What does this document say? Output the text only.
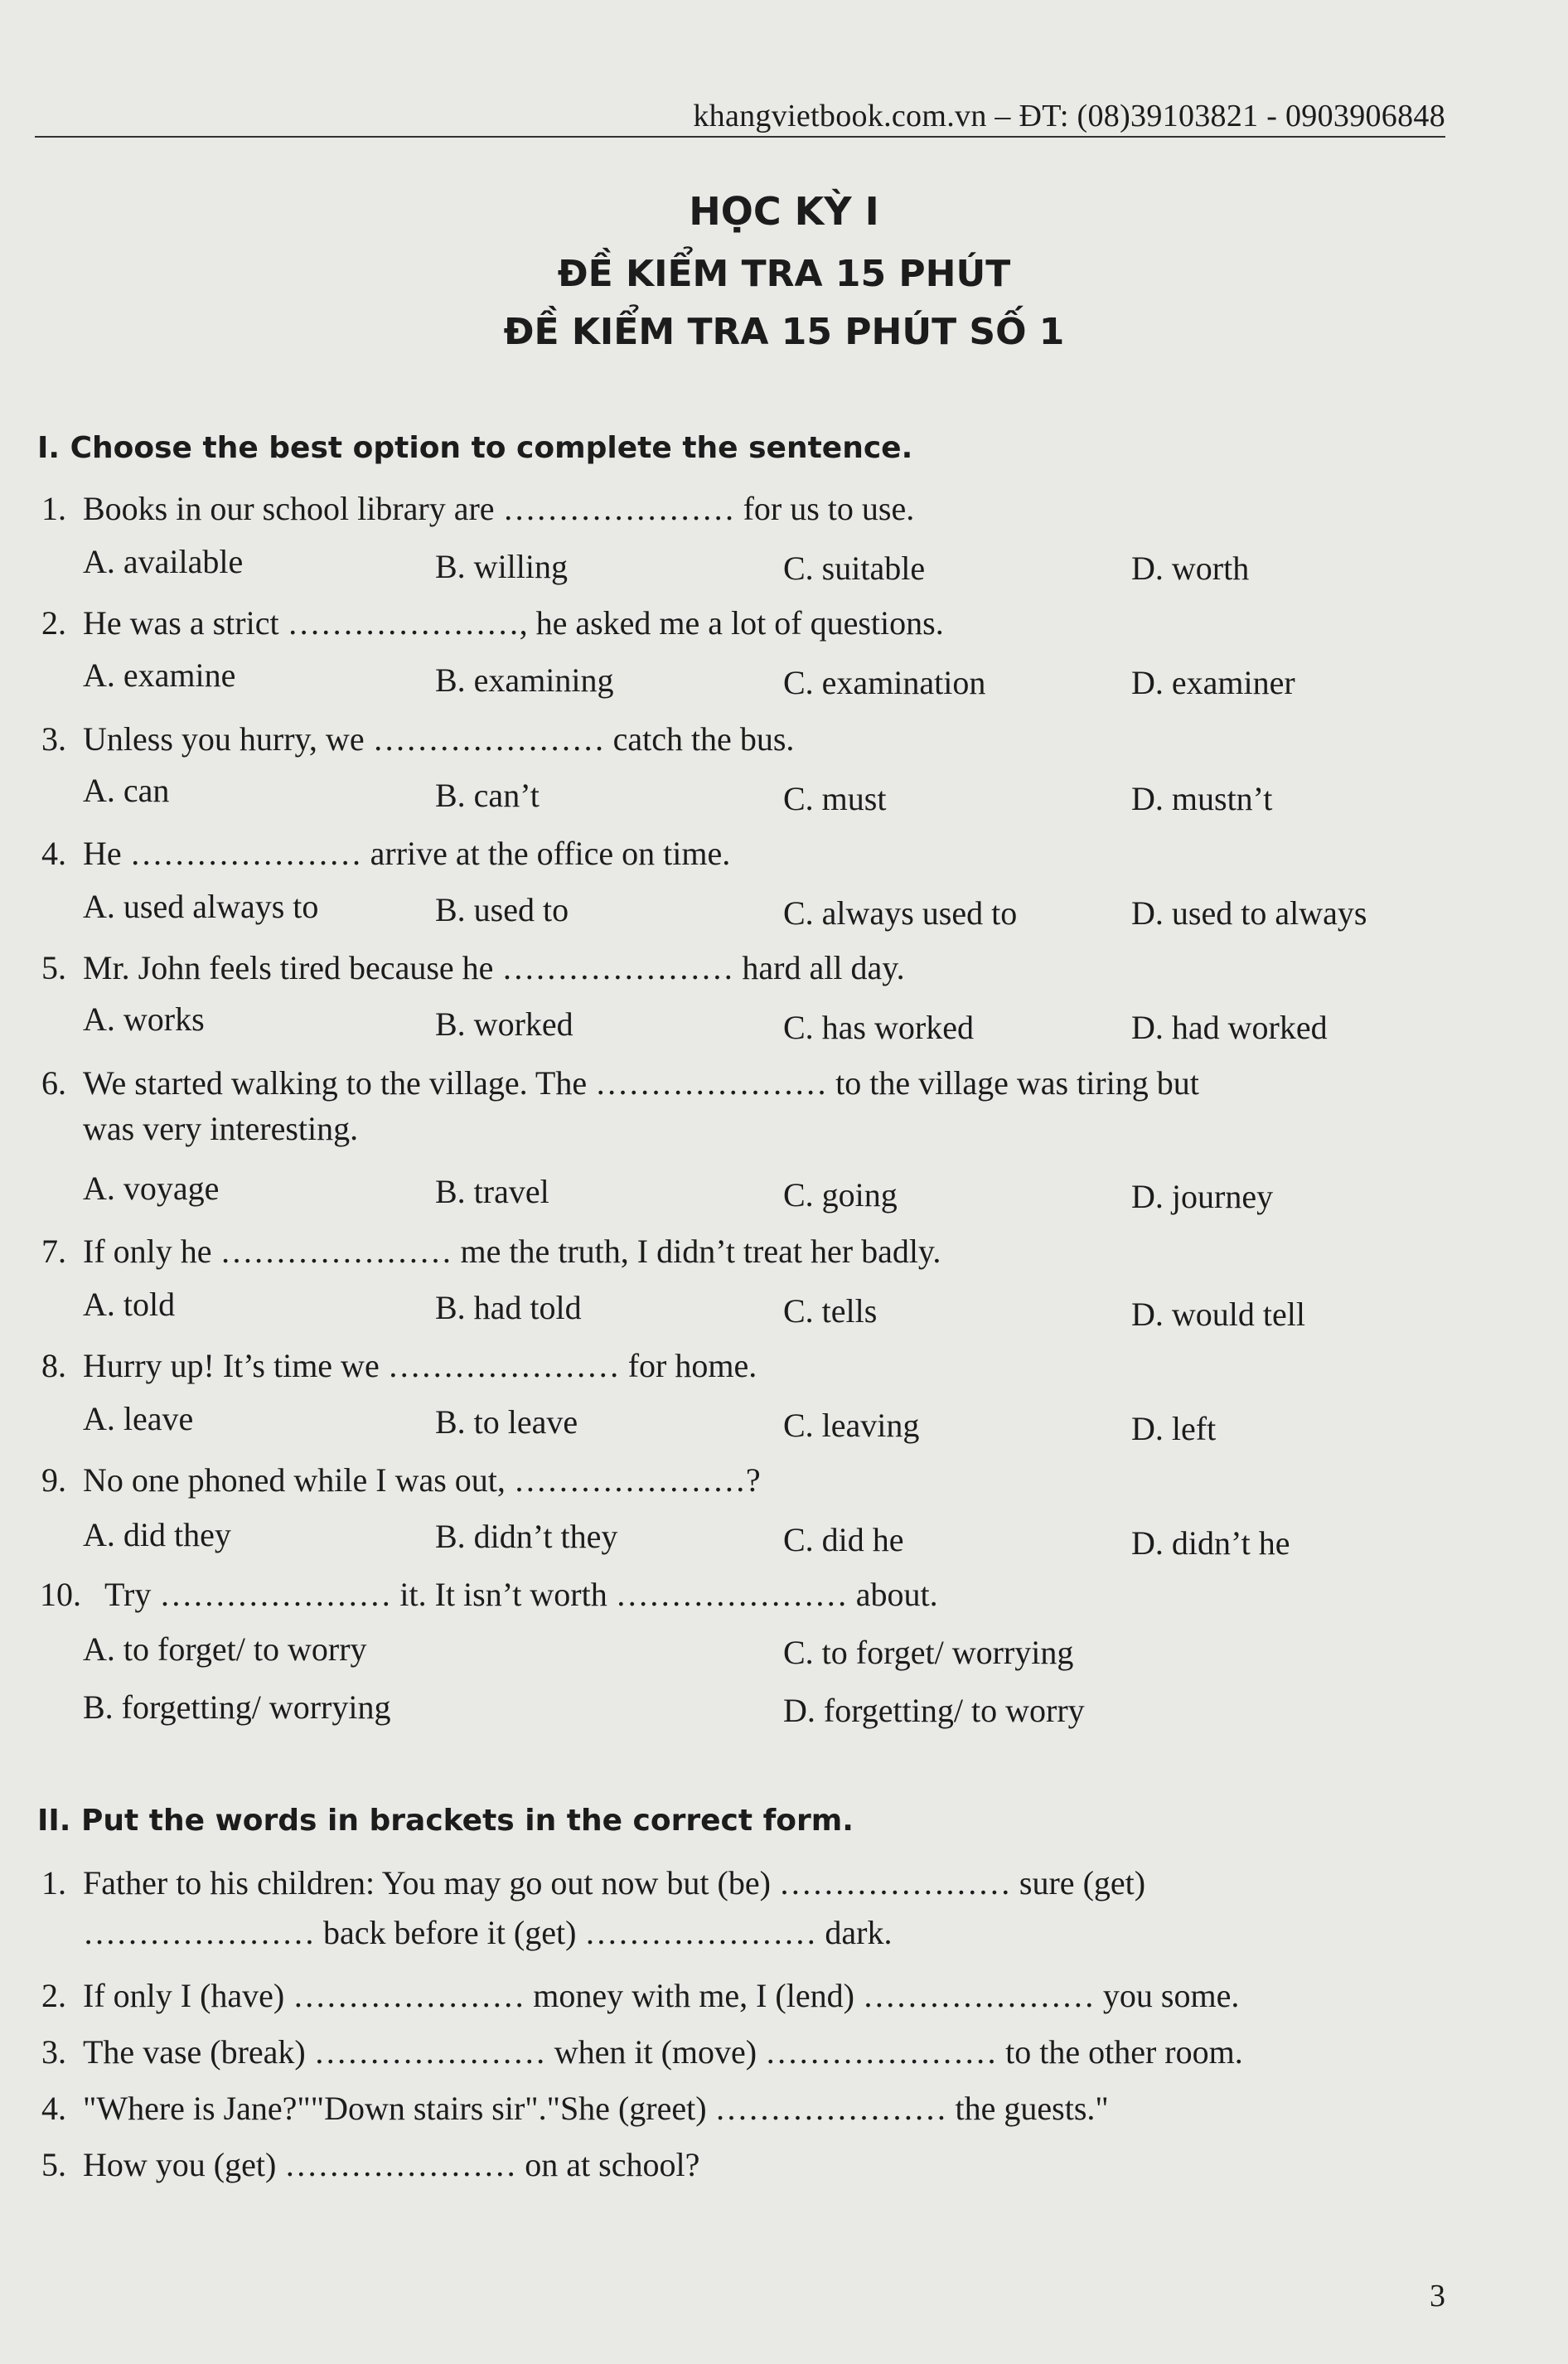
khangvietbook.com.vn – ĐT: (08)39103821 - 0903906848
HỌC KỲ I
ĐỀ KIỂM TRA 15 PHÚT
ĐỀ KIỂM TRA 15 PHÚT SỐ 1
I. Choose the best option to complete the sentence.
1. Books in our school library are ………………… for us to use.
A. available	B. willing	C. suitable	D. worth
2. He was a strict …………………, he asked me a lot of questions.
A. examine	B. examining	C. examination	D. examiner
3. Unless you hurry, we ………………… catch the bus.
A. can	B. can’t	C. must	D. mustn’t
4. He ………………… arrive at the office on time.
A. used always to	B. used to	C. always used to	D. used to always
5. Mr. John feels tired because he ………………… hard all day.
A. works	B. worked	C. has worked	D. had worked
6. We started walking to the village. The ………………… to the village was tiring but
was very interesting.
A. voyage	B. travel	C. going	D. journey
7. If only he ………………… me the truth, I didn’t treat her badly.
A. told	B. had told	C. tells	D. would tell
8. Hurry up! It’s time we ………………… for home.
A. leave	B. to leave	C. leaving	D. left
9. No one phoned while I was out, …………………?
A. did they	B. didn’t they	C. did he	D. didn’t he
10. Try ………………… it. It isn’t worth ………………… about.
A. to forget/ to worry	C. to forget/ worrying
B. forgetting/ worrying	D. forgetting/ to worry
II. Put the words in brackets in the correct form.
1. Father to his children: You may go out now but (be) ………………… sure (get)
………………… back before it (get) ………………… dark.
2. If only I (have) ………………… money with me, I (lend) ………………… you some.
3. The vase (break) ………………… when it (move) ………………… to the other room.
4. "Where is Jane?""Down stairs sir"."She (greet) ………………… the guests."
5. How you (get) ………………… on at school?
3
